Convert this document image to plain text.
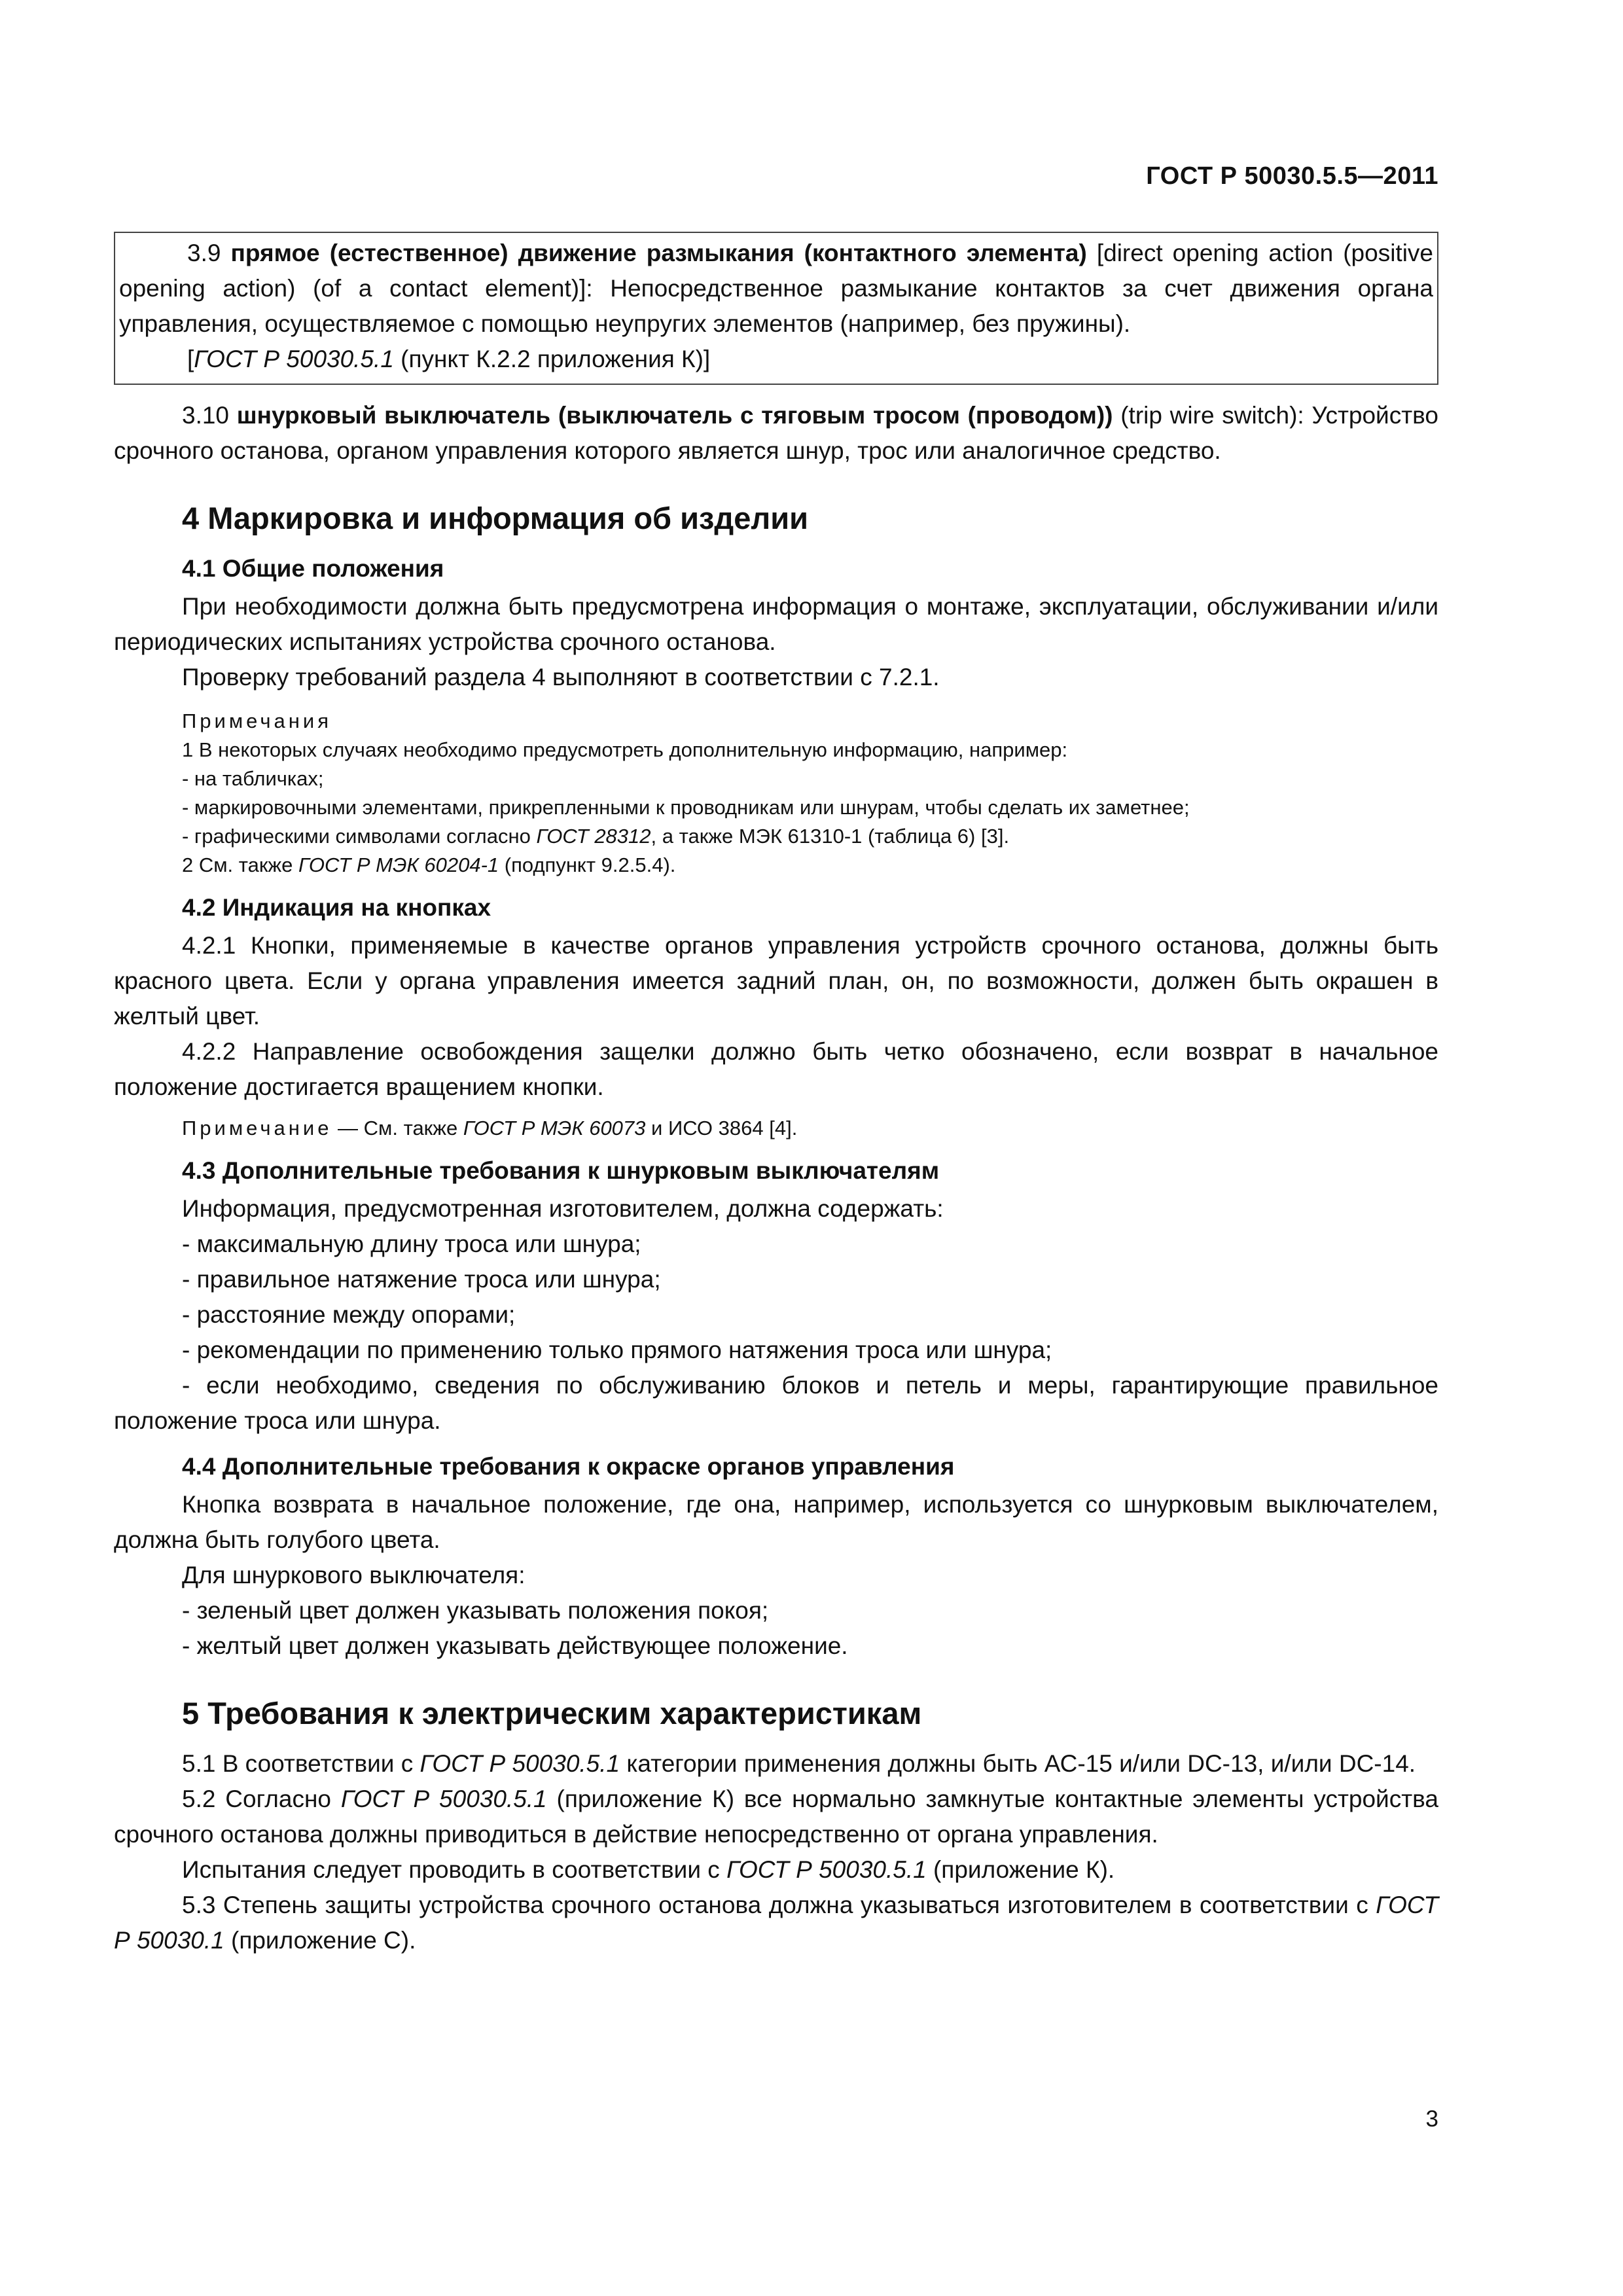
ГОСТ Р 50030.5.5—2011

3.9 прямое (естественное) движение размыкания (контактного элемента) [direct opening action (positive opening action) (of a contact element)]: Непосредственное размыкание контактов за счет движения органа управления, осуществляемое с помощью неупругих элементов (например, без пружины).

[ГОСТ Р 50030.5.1 (пункт К.2.2 приложения К)]

3.10 шнурковый выключатель (выключатель с тяговым тросом (проводом)) (trip wire switch): Устройство срочного останова, органом управления которого является шнур, трос или аналогичное средство.

4 Маркировка и информация об изделии
4.1 Общие положения

При необходимости должна быть предусмотрена информация о монтаже, эксплуатации, обслуживании и/или периодических испытаниях устройства срочного останова.

Проверку требований раздела 4 выполняют в соответствии с 7.2.1.

Примечания

1 В некоторых случаях необходимо предусмотреть дополнительную информацию, например:

- на табличках;

- маркировочными элементами, прикрепленными к проводникам или шнурам, чтобы сделать их заметнее;

- графическими символами согласно ГОСТ 28312, а также МЭК 61310-1 (таблица 6) [3].

2 См. также ГОСТ Р МЭК 60204-1 (подпункт 9.2.5.4).

4.2 Индикация на кнопках

4.2.1 Кнопки, применяемые в качестве органов управления устройств срочного останова, должны быть красного цвета. Если у органа управления имеется задний план, он, по возможности, должен быть окрашен в желтый цвет.

4.2.2 Направление освобождения защелки должно быть четко обозначено, если возврат в начальное положение достигается вращением кнопки.

Примечание — См. также ГОСТ Р МЭК 60073 и ИСО 3864 [4].

4.3 Дополнительные требования к шнурковым выключателям

Информация, предусмотренная изготовителем, должна содержать:

- максимальную длину троса или шнура;

- правильное натяжение троса или шнура;

- расстояние между опорами;

- рекомендации по применению только прямого натяжения троса или шнура;

- если необходимо, сведения по обслуживанию блоков и петель и меры, гарантирующие правильное положение троса или шнура.

4.4 Дополнительные требования к окраске органов управления

Кнопка возврата в начальное положение, где она, например, используется со шнурковым выключателем, должна быть голубого цвета.

Для шнуркового выключателя:

- зеленый цвет должен указывать положения покоя;

- желтый цвет должен указывать действующее положение.

5 Требования к электрическим характеристикам

5.1 В соответствии с ГОСТ Р 50030.5.1 категории применения должны быть АС-15 и/или DC-13, и/или DC-14.

5.2 Согласно ГОСТ Р 50030.5.1 (приложение К) все нормально замкнутые контактные элементы устройства срочного останова должны приводиться в действие непосредственно от органа управления.

Испытания следует проводить в соответствии с ГОСТ Р 50030.5.1 (приложение К).

5.3 Степень защиты устройства срочного останова должна указываться изготовителем в соответствии с ГОСТ Р 50030.1 (приложение С).

3
